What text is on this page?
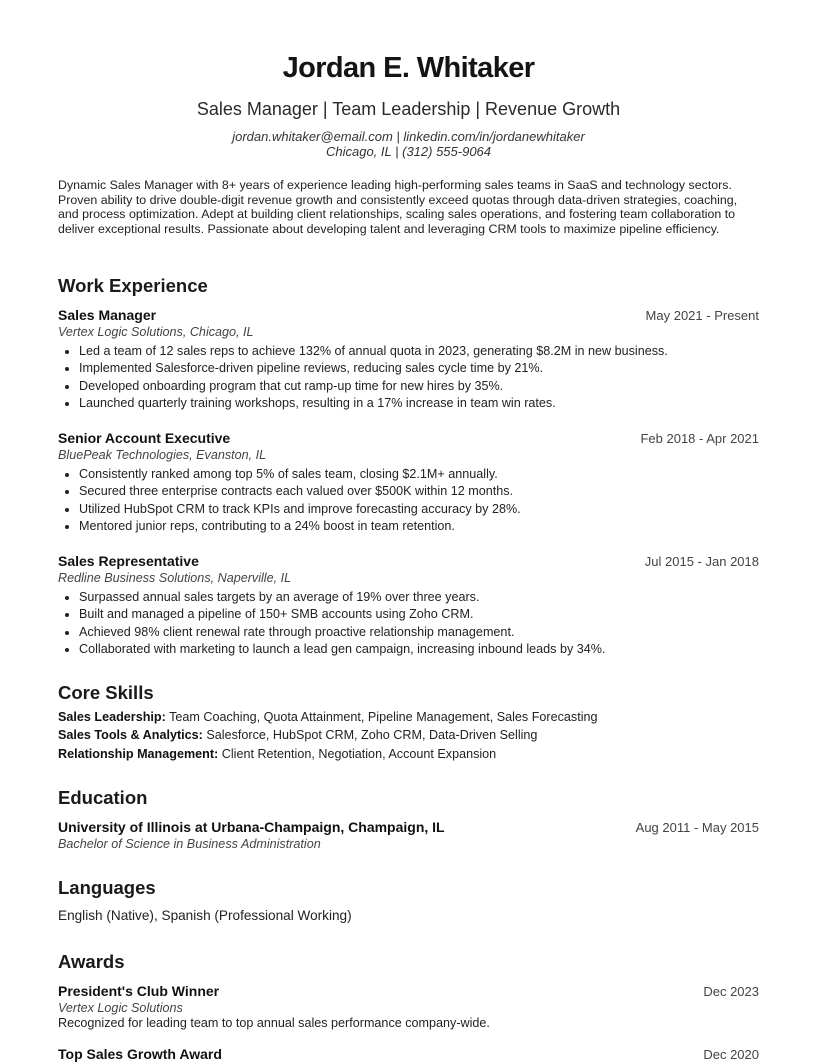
Jordan E. Whitaker
Sales Manager | Team Leadership | Revenue Growth
jordan.whitaker@email.com | linkedin.com/in/jordanewhitaker
Chicago, IL | (312) 555-9064
Dynamic Sales Manager with 8+ years of experience leading high-performing sales teams in SaaS and technology sectors. Proven ability to drive double-digit revenue growth and consistently exceed quotas through data-driven strategies, coaching, and process optimization. Adept at building client relationships, scaling sales operations, and fostering team collaboration to deliver exceptional results. Passionate about developing talent and leveraging CRM tools to maximize pipeline efficiency.
Work Experience
Sales Manager	May 2021 - Present
Vertex Logic Solutions, Chicago, IL
• Led a team of 12 sales reps to achieve 132% of annual quota in 2023, generating $8.2M in new business.
• Implemented Salesforce-driven pipeline reviews, reducing sales cycle time by 21%.
• Developed onboarding program that cut ramp-up time for new hires by 35%.
• Launched quarterly training workshops, resulting in a 17% increase in team win rates.
Senior Account Executive	Feb 2018 - Apr 2021
BluePeak Technologies, Evanston, IL
• Consistently ranked among top 5% of sales team, closing $2.1M+ annually.
• Secured three enterprise contracts each valued over $500K within 12 months.
• Utilized HubSpot CRM to track KPIs and improve forecasting accuracy by 28%.
• Mentored junior reps, contributing to a 24% boost in team retention.
Sales Representative	Jul 2015 - Jan 2018
Redline Business Solutions, Naperville, IL
• Surpassed annual sales targets by an average of 19% over three years.
• Built and managed a pipeline of 150+ SMB accounts using Zoho CRM.
• Achieved 98% client renewal rate through proactive relationship management.
• Collaborated with marketing to launch a lead gen campaign, increasing inbound leads by 34%.
Core Skills
Sales Leadership: Team Coaching, Quota Attainment, Pipeline Management, Sales Forecasting
Sales Tools & Analytics: Salesforce, HubSpot CRM, Zoho CRM, Data-Driven Selling
Relationship Management: Client Retention, Negotiation, Account Expansion
Education
University of Illinois at Urbana-Champaign, Champaign, IL	Aug 2011 - May 2015
Bachelor of Science in Business Administration
Languages
English (Native), Spanish (Professional Working)
Awards
President's Club Winner	Dec 2023
Vertex Logic Solutions
Recognized for leading team to top annual sales performance company-wide.
Top Sales Growth Award	Dec 2020
